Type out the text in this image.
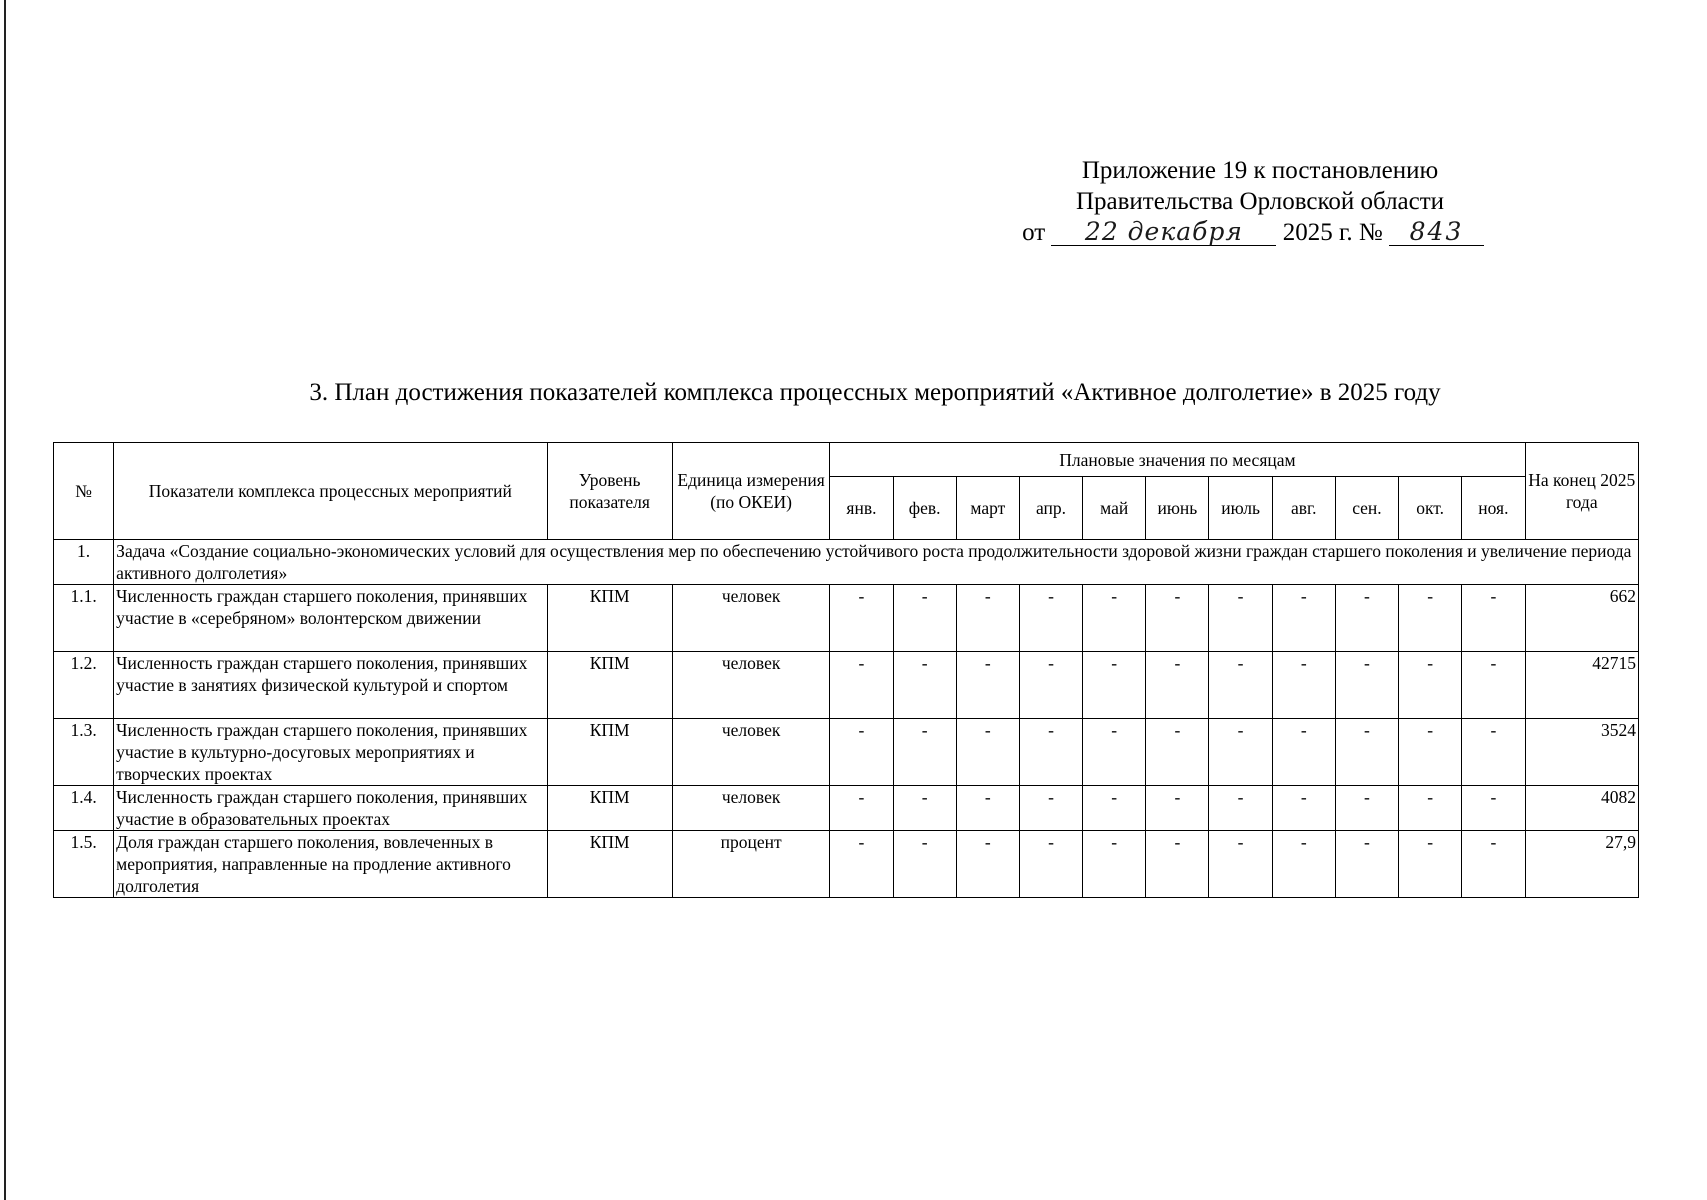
Приложение 19 к постановлению
Правительства Орловской области
от 22 декабря 2025 г. № 843
3. План достижения показателей комплекса процессных мероприятий «Активное долголетие» в 2025 году
№	Показатели комплекса процессных мероприятий	Уровень показателя	Единица измерения (по ОКЕИ)	Плановые значения по месяцам											На конец 2025 года
				янв.	фев.	март	апр.	май	июнь	июль	авг.	сен.	окт.	ноя.	
1.	Задача «Создание социально-экономических условий для осуществления мер по обеспечению устойчивого роста продолжительности здоровой жизни граждан старшего поколения и увеличение периода активного долголетия»														
1.1.	Численность граждан старшего поколения, принявших участие в «серебряном» волонтерском движении	КПМ	человек	-	-	-	-	-	-	-	-	-	-	-	662
1.2.	Численность граждан старшего поколения, принявших участие в занятиях физической культурой и спортом	КПМ	человек	-	-	-	-	-	-	-	-	-	-	-	42715
1.3.	Численность граждан старшего поколения, принявших участие в культурно-досуговых мероприятиях и творческих проектах	КПМ	человек	-	-	-	-	-	-	-	-	-	-	-	3524
1.4.	Численность граждан старшего поколения, принявших участие в образовательных проектах	КПМ	человек	-	-	-	-	-	-	-	-	-	-	-	4082
1.5.	Доля граждан старшего поколения, вовлеченных в мероприятия, направленные на продление активного долголетия	КПМ	процент	-	-	-	-	-	-	-	-	-	-	-	27,9
